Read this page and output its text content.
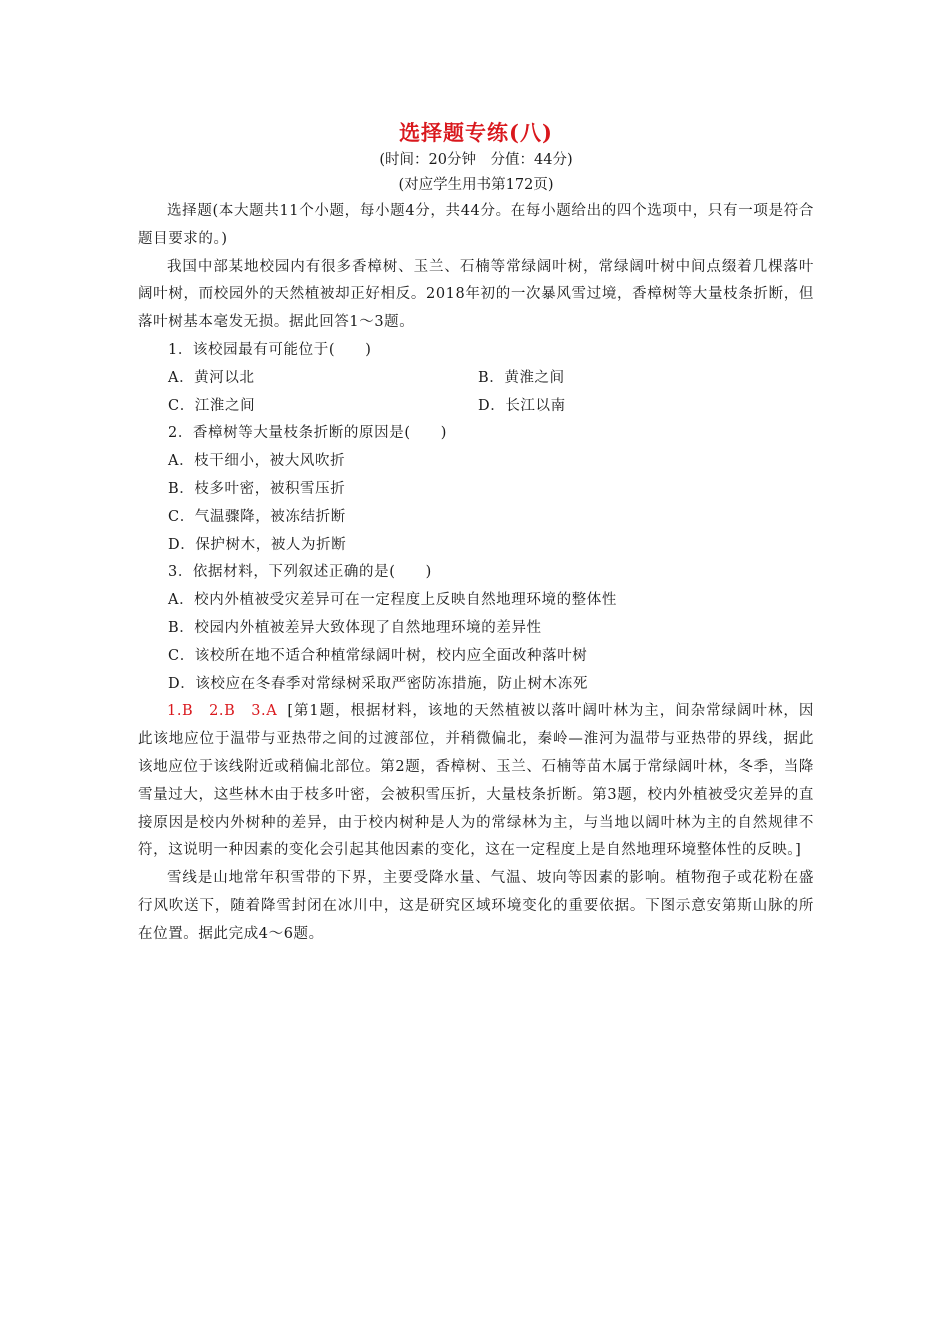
选择题专练(八)

(时间：20分钟　分值：44分)

(对应学生用书第172页)

选择题(本大题共11个小题，每小题4分，共44分。在每小题给出的四个选项中，只有一项是符合题目要求的。)

我国中部某地校园内有很多香樟树、玉兰、石楠等常绿阔叶树，常绿阔叶树中间点缀着几棵落叶阔叶树，而校园外的天然植被却正好相反。2018年初的一次暴风雪过境，香樟树等大量枝条折断，但落叶树基本毫发无损。据此回答1～3题。

1．该校园最有可能位于(　　)

A．黄河以北	B．黄淮之间
C．江淮之间	D．长江以南

2．香樟树等大量枝条折断的原因是(　　)

A．枝干细小，被大风吹折

B．枝多叶密，被积雪压折

C．气温骤降，被冻结折断

D．保护树木，被人为折断

3．依据材料，下列叙述正确的是(　　)

A．校内外植被受灾差异可在一定程度上反映自然地理环境的整体性

B．校园内外植被差异大致体现了自然地理环境的差异性

C．该校所在地不适合种植常绿阔叶树，校内应全面改种落叶树

D．该校应在冬春季对常绿树采取严密防冻措施，防止树木冻死

1.B　2.B　3.A [第1题，根据材料，该地的天然植被以落叶阔叶林为主，间杂常绿阔叶林，因此该地应位于温带与亚热带之间的过渡部位，并稍微偏北，秦岭—淮河为温带与亚热带的界线，据此该地应位于该线附近或稍偏北部位。第2题，香樟树、玉兰、石楠等苗木属于常绿阔叶林，冬季，当降雪量过大，这些林木由于枝多叶密，会被积雪压折，大量枝条折断。第3题，校内外植被受灾差异的直接原因是校内外树种的差异，由于校内树种是人为的常绿林为主，与当地以阔叶林为主的自然规律不符，这说明一种因素的变化会引起其他因素的变化，这在一定程度上是自然地理环境整体性的反映。]

雪线是山地常年积雪带的下界，主要受降水量、气温、坡向等因素的影响。植物孢子或花粉在盛行风吹送下，随着降雪封闭在冰川中，这是研究区域环境变化的重要依据。下图示意安第斯山脉的所在位置。据此完成4～6题。
